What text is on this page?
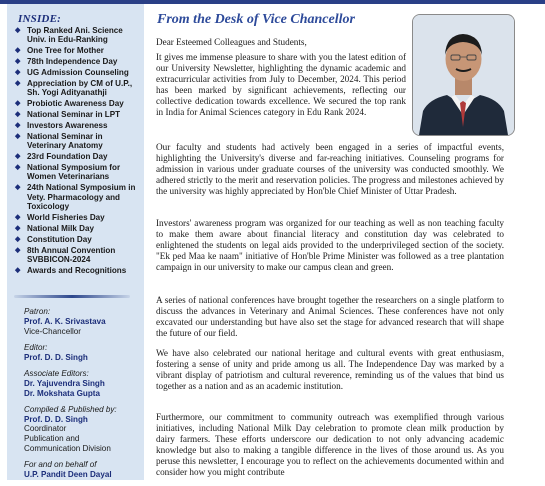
INSIDE:
◆ Top Ranked Ani. Science Univ. in Edu-Ranking
◆ One Tree for Mother
◆ 78th Independence Day
◆ UG Admission Counseling
◆ Appreciation by CM of U.P., Sh. Yogi Adityanathji
◆ Probiotic Awareness Day
◆ National Seminar in LPT
◆ Investors Awareness
◆ National Seminar in Veterinary Anatomy
◆ 23rd Foundation Day
◆ National Symposium for Women Veterinarians
◆ 24th National Symposium in Vety. Pharmacology and Toxicology
◆ World Fisheries Day
◆ National Milk Day
◆ Constitution Day
◆ 8th Annual Convention SVBBICON-2024
◆ Awards and Recognitions
Patron:
Prof. A. K. Srivastava
Vice-Chancellor
Editor:
Prof. D. D. Singh
Associate Editors:
Dr. Yajuvendra Singh
Dr. Mokshata Gupta
Compiled & Published by:
Prof. D. D. Singh
Coordinator
Publication and
Communication Division
For and on behalf of
U.P. Pandit Deen Dayal
From the Desk of Vice Chancellor

Dear Esteemed Colleagues and Students,

It gives me immense pleasure to share with you the latest edition of our University Newsletter, highlighting the dynamic academic and extracurricular activities from July to December, 2024. This period has been marked by significant achievements, reflecting our collective dedication towards excellence. We secured the top rank in India for Animal Sciences category in Edu Rank 2024.

Our faculty and students had actively been engaged in a series of impactful events, highlighting the University's diverse and far-reaching initiatives. Counseling programs for admission in various under graduate courses of the university was conducted smoothly. We adhered strictly to the merit and reservation policies. The progress and milestones achieved by the university was highly appreciated by Hon'ble Chief Minister of Uttar Pradesh.

Investors' awareness program was organized for our teaching as well as non teaching faculty to make them aware about financial literacy and constitution day was celebrated to enlightened the students on legal aids provided to the underprivileged section of the society. "Ek ped Maa ke naam" initiative of Hon'ble Prime Minister was followed as a tree plantation campaign in our university to make our campus clean and green.

A series of national conferences have brought together the researchers on a single platform to discuss the advances in Veterinary and Animal Sciences. These conferences have not only excavated our understanding but have also set the stage for advanced research that will shape the future of our field.

We have also celebrated our national heritage and cultural events with great enthusiasm, fostering a sense of unity and pride among us all. The Independence Day was marked by a vibrant display of patriotism and cultural reverence, reminding us of the values that bind us together as a nation and as an academic institution.

Furthermore, our commitment to community outreach was exemplified through various initiatives, including National Milk Day celebration to promote clean milk production by dairy farmers. These efforts underscore our dedication to not only advancing academic knowledge but also to making a tangible difference in the lives of those around us. As you peruse this newsletter, I encourage you to reflect on the achievements documented within and consider how you might contribute
